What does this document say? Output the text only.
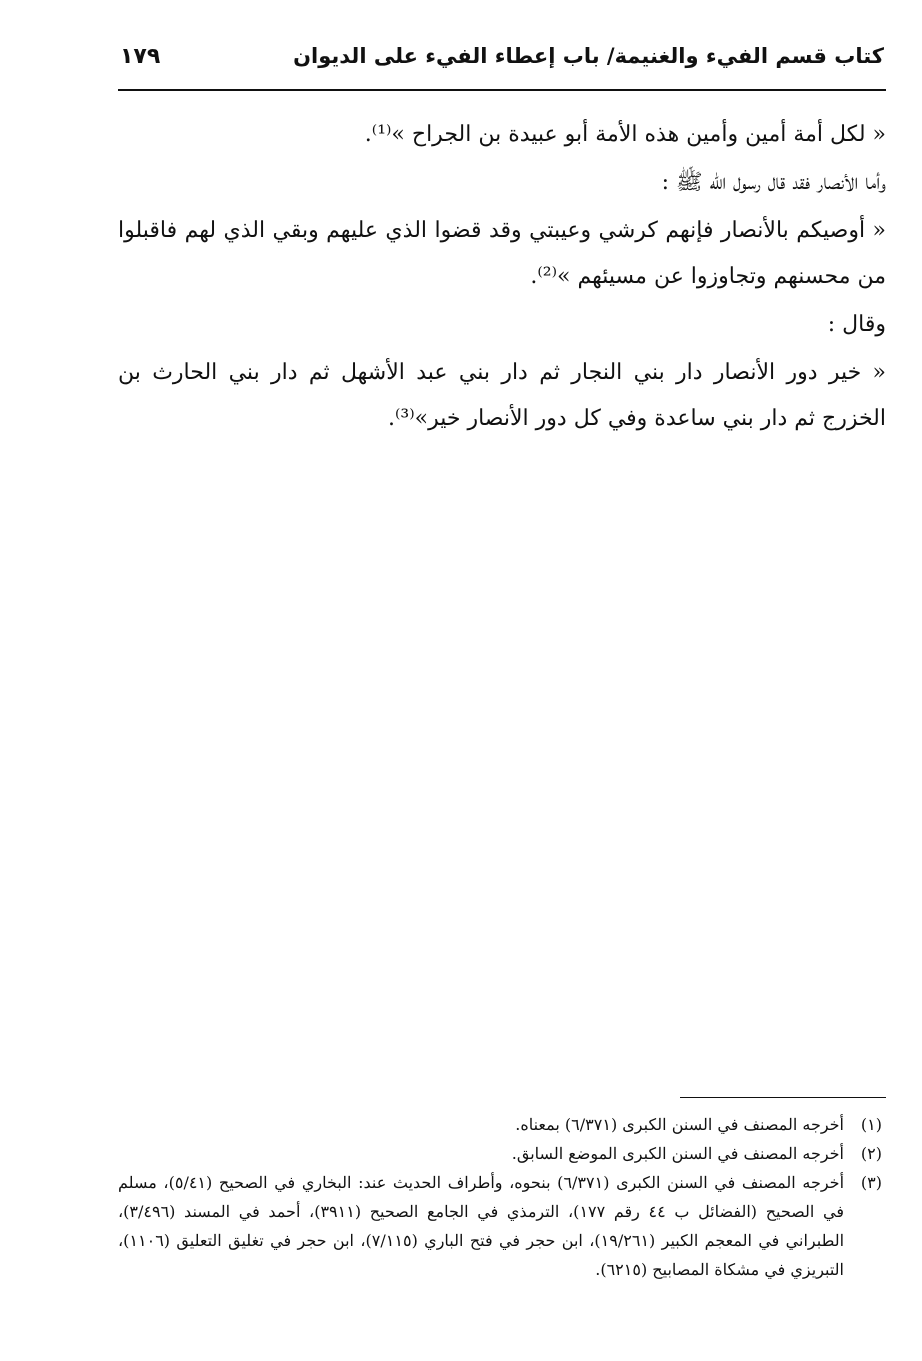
كتاب قسم الفيء والغنيمة/ باب إعطاء الفيء على الديوان
١٧٩

« لكل أمة أمين وأمين هذه الأمة أبو عبيدة بن الجراح »⁽¹⁾.

وأما الأنصار فقد قال رسول الله ﷺ :

« أوصيكم بالأنصار فإنهم كرشي وعيبتي وقد قضوا الذي عليهم وبقي الذي لهم فاقبلوا من محسنهم وتجاوزوا عن مسيئهم »⁽²⁾.

وقال :

« خير دور الأنصار دار بني النجار ثم دار بني عبد الأشهل ثم دار بني الحارث بن الخزرج ثم دار بني ساعدة وفي كل دور الأنصار خير»⁽³⁾.

(١)
أخرجه المصنف في السنن الكبرى (٦/٣٧١) بمعناه.
(٢)
أخرجه المصنف في السنن الكبرى الموضع السابق.
(٣)
أخرجه المصنف في السنن الكبرى (٦/٣٧١) بنحوه، وأطراف الحديث عند: البخاري في الصحيح (٥/٤١)، مسلم في الصحيح (الفضائل ب ٤٤ رقم ١٧٧)، الترمذي في الجامع الصحيح (٣٩١١)، أحمد في المسند (٣/٤٩٦)، الطبراني في المعجم الكبير (١٩/٢٦١)، ابن حجر في فتح الباري (٧/١١٥)، ابن حجر في تغليق التعليق (١١٠٦)، التبريزي في مشكاة المصابيح (٦٢١٥).
